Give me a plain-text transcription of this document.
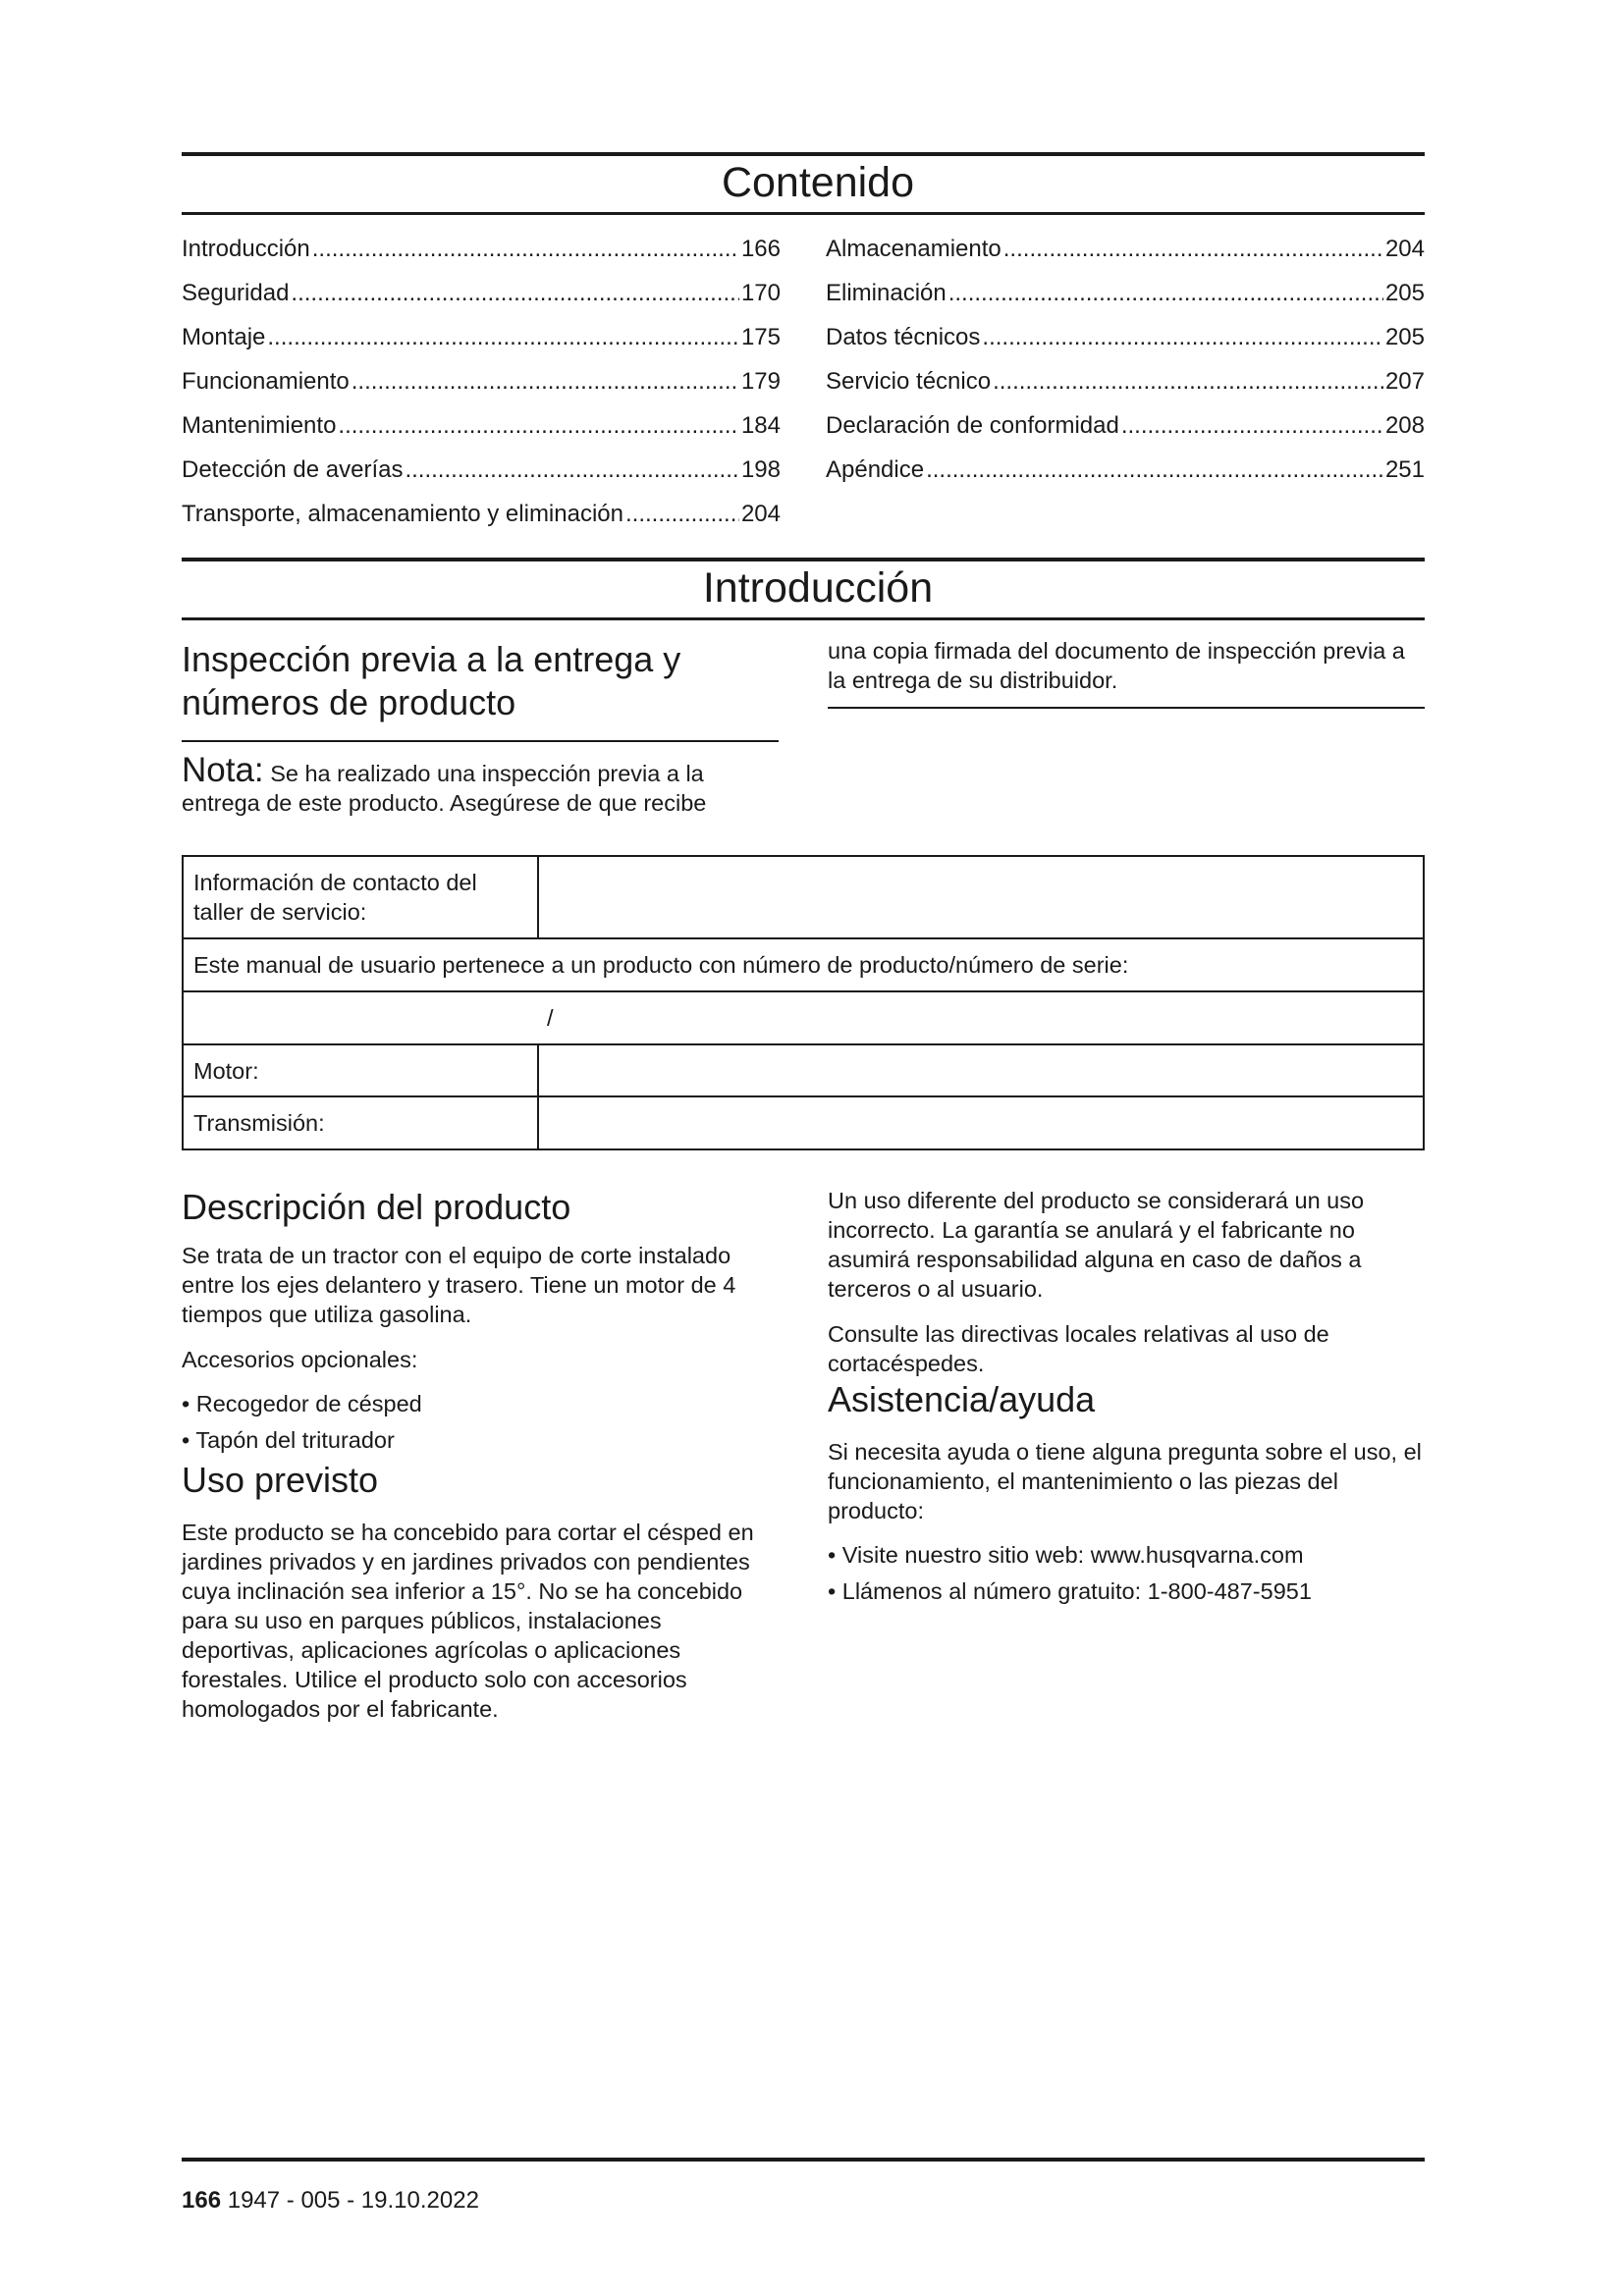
Contenido
Introducción .....	166
Seguridad .....	170
Montaje .....	175
Funcionamiento .....	179
Mantenimiento .....	184
Detección de averías .....	198
Transporte, almacenamiento y eliminación .....	204
Almacenamiento .....	204
Eliminación .....	205
Datos técnicos .....	205
Servicio técnico .....	207
Declaración de conformidad .....	208
Apéndice .....	251
Introducción
Inspección previa a la entrega y números de producto

Nota: Se ha realizado una inspección previa a la entrega de este producto. Asegúrese de que recibe

una copia firmada del documento de inspección previa a la entrega de su distribuidor.

Información de contacto del taller de servicio:	
Este manual de usuario pertenece a un producto con número de producto/número de serie:	
/	
Motor:	
Transmisión:	
Descripción del producto

Se trata de un tractor con el equipo de corte instalado entre los ejes delantero y trasero. Tiene un motor de 4 tiempos que utiliza gasolina.

Accesorios opcionales:

• Recogedor de césped
• Tapón del triturador
Uso previsto

Este producto se ha concebido para cortar el césped en jardines privados y en jardines privados con pendientes cuya inclinación sea inferior a 15°. No se ha concebido para su uso en parques públicos, instalaciones deportivas, aplicaciones agrícolas o aplicaciones forestales. Utilice el producto solo con accesorios homologados por el fabricante.

Un uso diferente del producto se considerará un uso incorrecto. La garantía se anulará y el fabricante no asumirá responsabilidad alguna en caso de daños a terceros o al usuario.

Consulte las directivas locales relativas al uso de cortacéspedes.

Asistencia/ayuda

Si necesita ayuda o tiene alguna pregunta sobre el uso, el funcionamiento, el mantenimiento o las piezas del producto:

• Visite nuestro sitio web: www.husqvarna.com
• Llámenos al número gratuito: 1-800-487-5951
166 1947 - 005 - 19.10.2022
